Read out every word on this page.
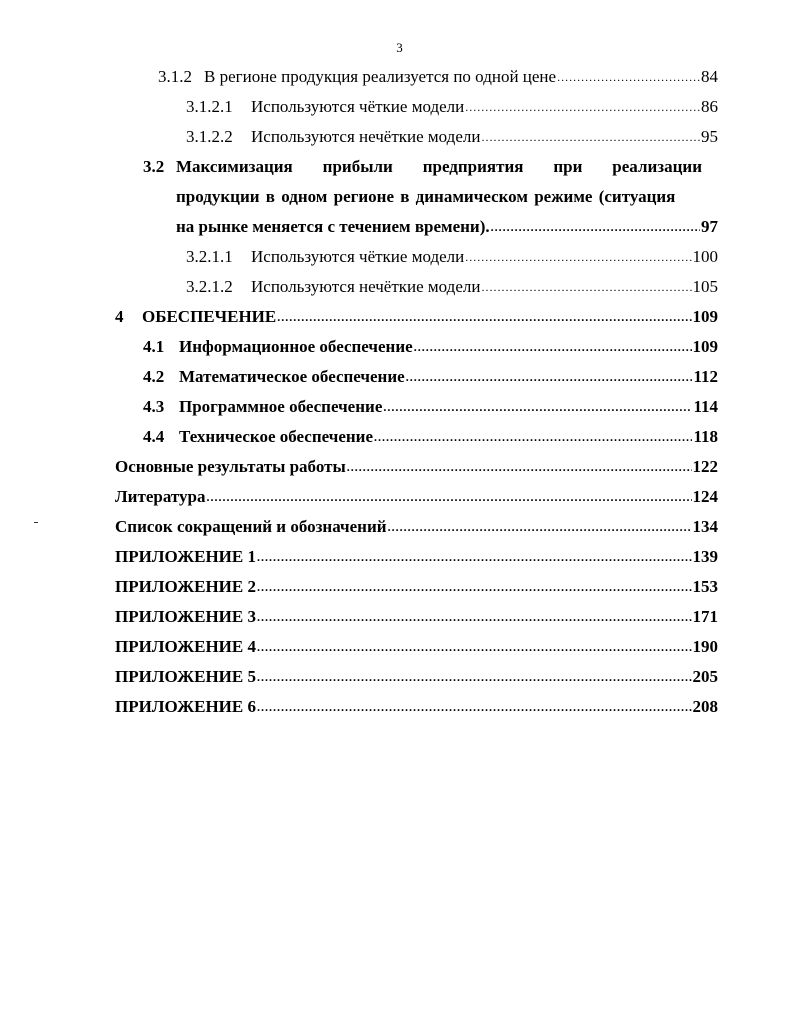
3
3.1.2 В регионе продукция реализуется по одной цене .....	84
3.1.2.1	Используются чёткие модели .....	86
3.1.2.2	Используются нечёткие модели .....	95
3.2 Максимизация прибыли предприятия при реализации
продукции в одном регионе в динамическом режиме (ситуация
на рынке меняется с течением времени). .....	97
3.2.1.1	Используются чёткие модели .....	100
3.2.1.2	Используются нечёткие модели .....	105
4	ОБЕСПЕЧЕНИЕ .....	109
4.1 Информационное обеспечение .....	109
4.2 Математическое обеспечение .....	112
4.3 Программное обеспечение .....	114
4.4 Техническое обеспечение .....	118
Основные результаты работы .....	122
Литература .....	124
Список сокращений и обозначений .....	134
ПРИЛОЖЕНИЕ 1 .....	139
ПРИЛОЖЕНИЕ 2 .....	153
ПРИЛОЖЕНИЕ 3 .....	171
ПРИЛОЖЕНИЕ 4 .....	190
ПРИЛОЖЕНИЕ 5 .....	205
ПРИЛОЖЕНИЕ 6 .....	208
